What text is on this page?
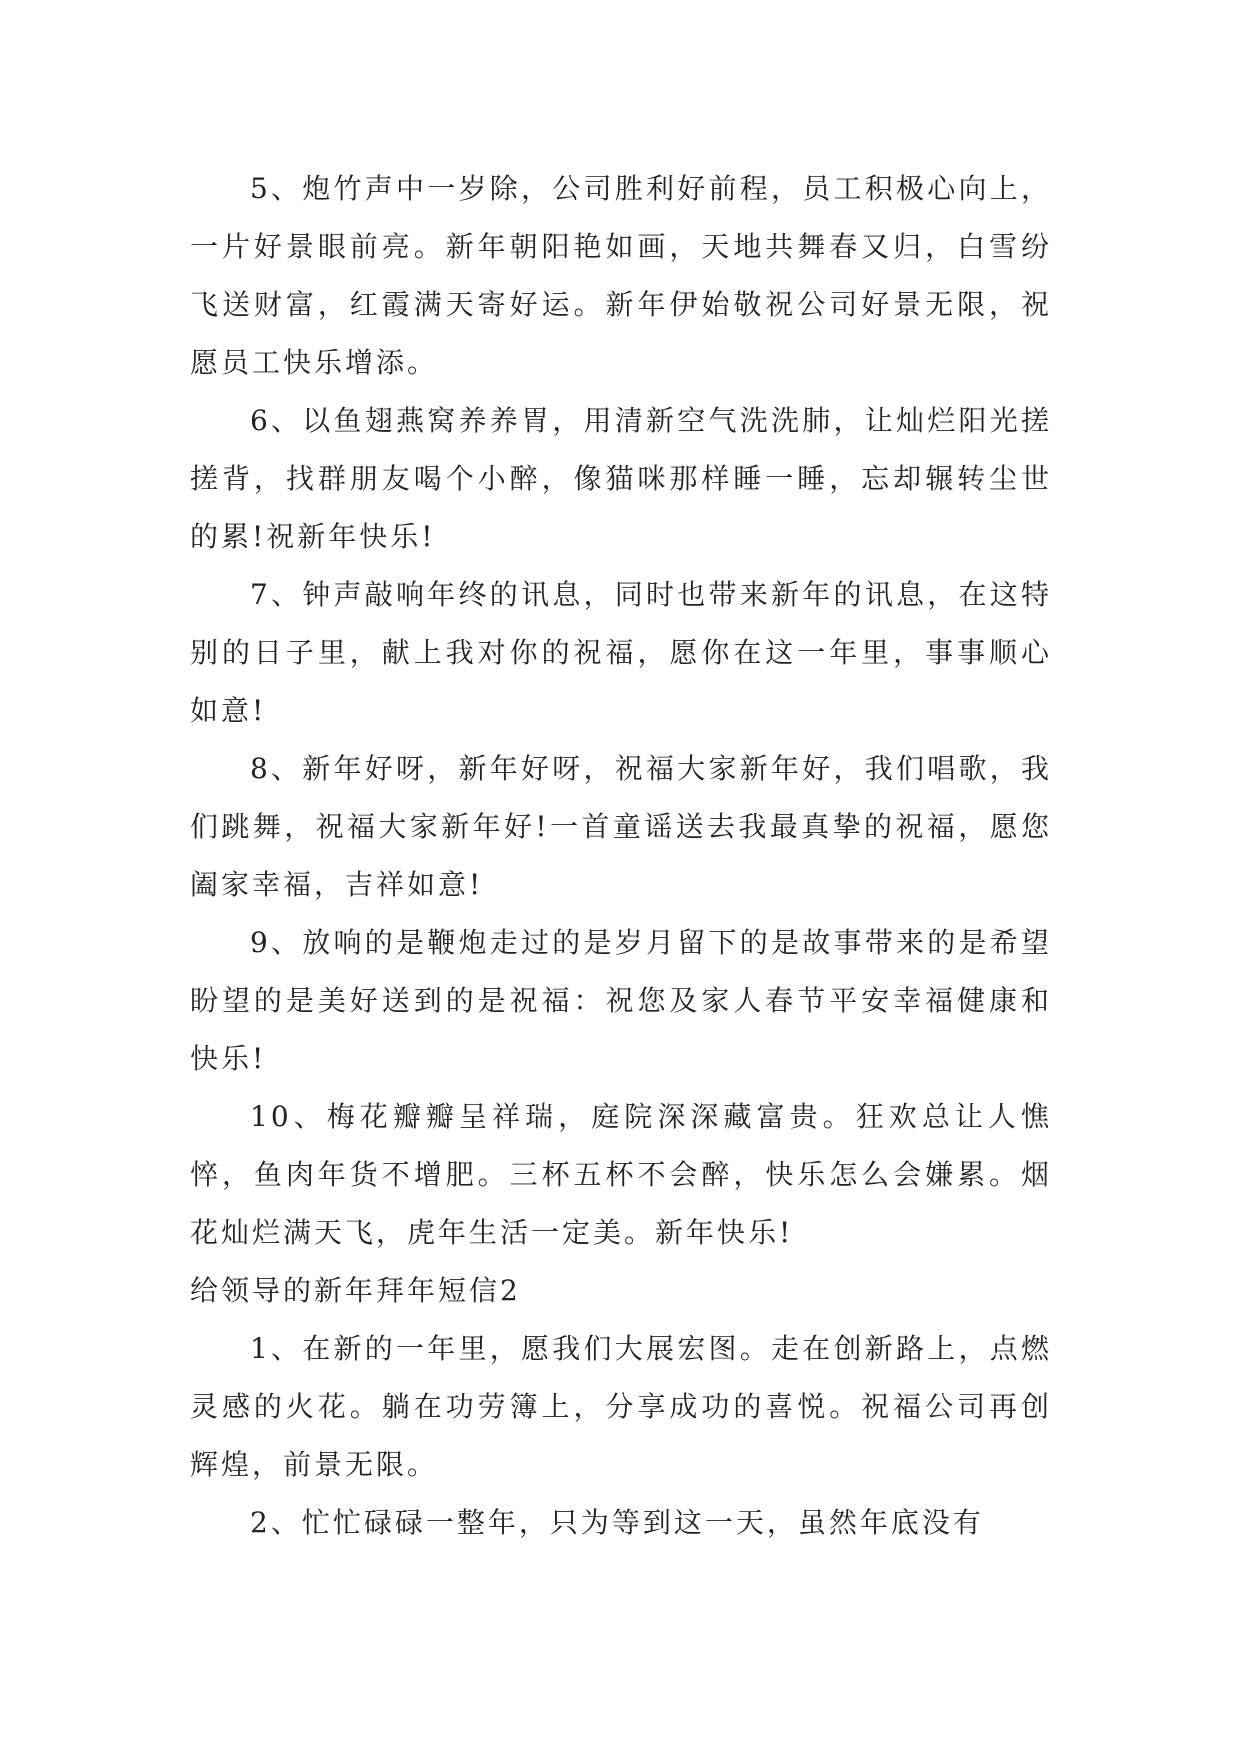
5、炮竹声中一岁除，公司胜利好前程，员工积极心向上，一片好景眼前亮。新年朝阳艳如画，天地共舞春又归，白雪纷飞送财富，红霞满天寄好运。新年伊始敬祝公司好景无限，祝愿员工快乐增添。

6、以鱼翅燕窝养养胃，用清新空气洗洗肺，让灿烂阳光搓搓背，找群朋友喝个小醉，像猫咪那样睡一睡，忘却辗转尘世的累!祝新年快乐!

7、钟声敲响年终的讯息，同时也带来新年的讯息，在这特别的日子里，献上我对你的祝福，愿你在这一年里，事事顺心如意!

8、新年好呀，新年好呀，祝福大家新年好，我们唱歌，我们跳舞，祝福大家新年好!一首童谣送去我最真挚的祝福，愿您阖家幸福，吉祥如意!

9、放响的是鞭炮走过的是岁月留下的是故事带来的是希望盼望的是美好送到的是祝福：祝您及家人春节平安幸福健康和快乐!

10、梅花瓣瓣呈祥瑞，庭院深深藏富贵。狂欢总让人憔悴，鱼肉年货不增肥。三杯五杯不会醉，快乐怎么会嫌累。烟花灿烂满天飞，虎年生活一定美。新年快乐!

给领导的新年拜年短信2

1、在新的一年里，愿我们大展宏图。走在创新路上，点燃灵感的火花。躺在功劳簿上，分享成功的喜悦。祝福公司再创辉煌，前景无限。

2、忙忙碌碌一整年，只为等到这一天，虽然年底没有
